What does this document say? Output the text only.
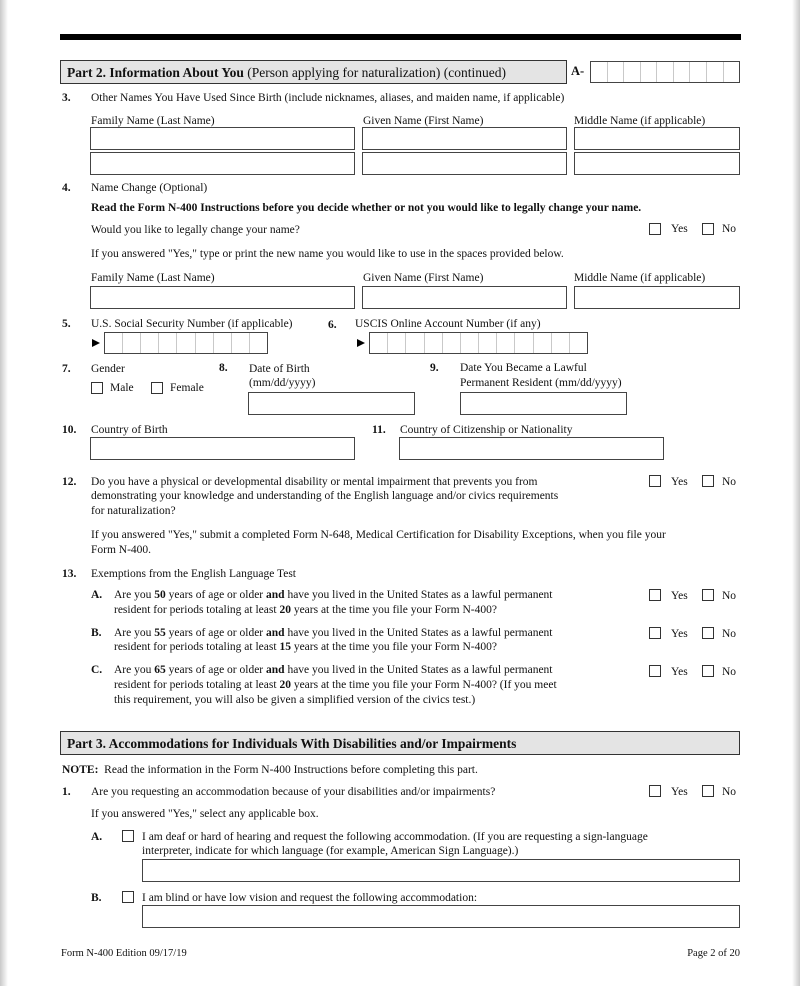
Part 2. Information About You (Person applying for naturalization) (continued)	A-
3. Other Names You Have Used Since Birth (include nicknames, aliases, and maiden name, if applicable)
Family Name (Last Name)	Given Name (First Name)	Middle Name (if applicable)
4. Name Change (Optional)
Read the Form N-400 Instructions before you decide whether or not you would like to legally change your name.
Would you like to legally change your name?	Yes	No
If you answered "Yes," type or print the new name you would like to use in the spaces provided below.
Family Name (Last Name)	Given Name (First Name)	Middle Name (if applicable)
5. U.S. Social Security Number (if applicable)	6. USCIS Online Account Number (if any)
7. Gender
Male	Female
8. Date of Birth
(mm/dd/yyyy)
9. Date You Became a Lawful
Permanent Resident (mm/dd/yyyy)
10. Country of Birth	11. Country of Citizenship or Nationality
12. Do you have a physical or developmental disability or mental impairment that prevents you from
demonstrating your knowledge and understanding of the English language and/or civics requirements
for naturalization?
Yes	No
If you answered "Yes," submit a completed Form N-648, Medical Certification for Disability Exceptions, when you file your
Form N-400.
13. Exemptions from the English Language Test
A. Are you 50 years of age or older and have you lived in the United States as a lawful permanent
resident for periods totaling at least 20 years at the time you file your Form N-400?
Yes	No
B. Are you 55 years of age or older and have you lived in the United States as a lawful permanent
resident for periods totaling at least 15 years at the time you file your Form N-400?
Yes	No
C. Are you 65 years of age or older and have you lived in the United States as a lawful permanent
resident for periods totaling at least 20 years at the time you file your Form N-400? (If you meet
this requirement, you will also be given a simplified version of the civics test.)
Yes	No
Part 3. Accommodations for Individuals With Disabilities and/or Impairments
NOTE: Read the information in the Form N-400 Instructions before completing this part.
1. Are you requesting an accommodation because of your disabilities and/or impairments?	Yes	No
If you answered "Yes," select any applicable box.
A.	I am deaf or hard of hearing and request the following accommodation. (If you are requesting a sign-language
interpreter, indicate for which language (for example, American Sign Language).)
B.	I am blind or have low vision and request the following accommodation:
Form N-400 Edition 09/17/19	Page 2 of 20
